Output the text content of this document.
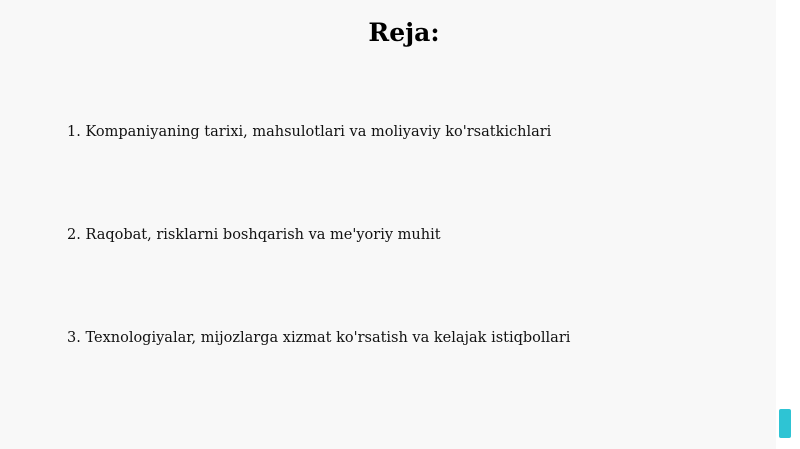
Reja:
1. Kompaniyaning tarixi, mahsulotlari va moliyaviy ko'rsatkichlari
2. Raqobat, risklarni boshqarish va me'yoriy muhit
3. Texnologiyalar, mijozlarga xizmat ko'rsatish va kelajak istiqbollari
